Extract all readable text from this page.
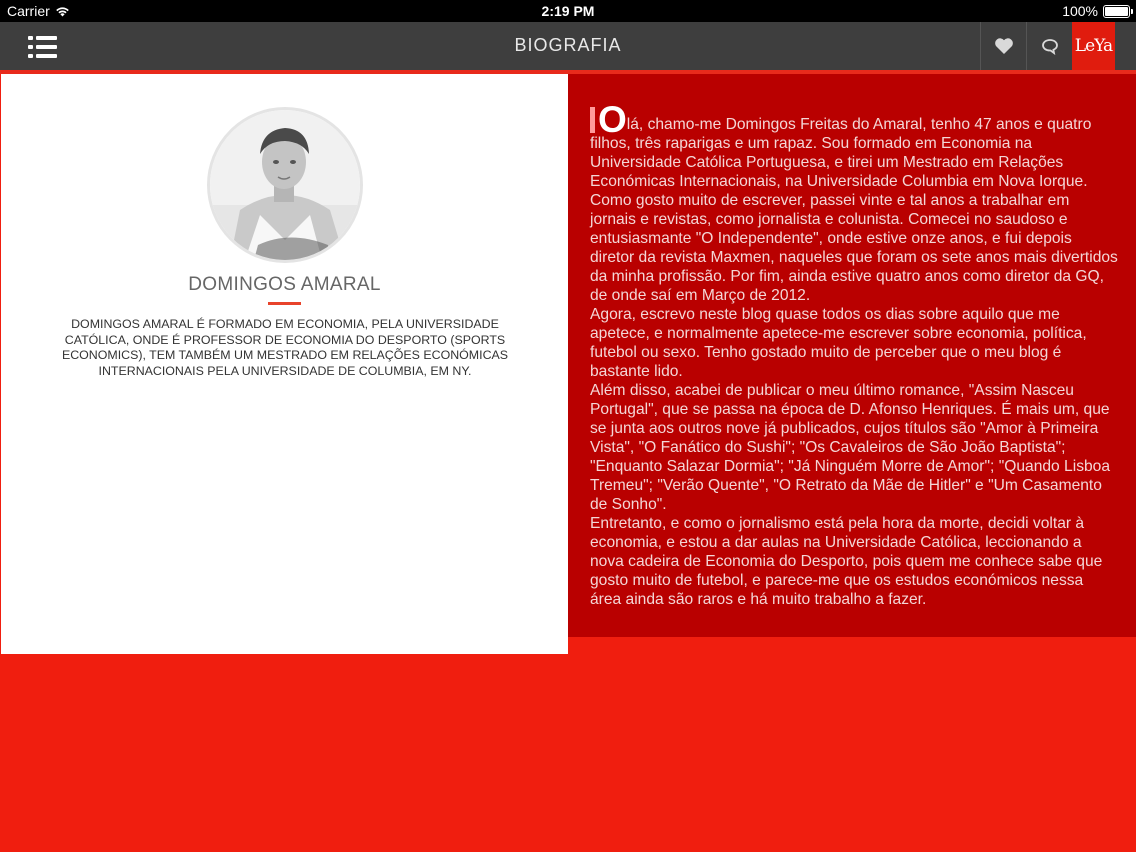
Carrier	2:19 PM	100%
BIOGRAFIA	LeYa
DOMINGOS AMARAL
DOMINGOS AMARAL É FORMADO EM ECONOMIA, PELA UNIVERSIDADE CATÓLICA, ONDE É PROFESSOR DE ECONOMIA DO DESPORTO (SPORTS ECONOMICS), TEM TAMBÉM UM MESTRADO EM RELAÇÕES ECONÓMICAS INTERNACIONAIS PELA UNIVERSIDADE DE COLUMBIA, EM NY.

Olá, chamo-me Domingos Freitas do Amaral, tenho 47 anos e quatro filhos, três raparigas e um rapaz. Sou formado em Economia na Universidade Católica Portuguesa, e tirei um Mestrado em Relações Económicas Internacionais, na Universidade Columbia em Nova Iorque. Como gosto muito de escrever, passei vinte e tal anos a trabalhar em jornais e revistas, como jornalista e colunista. Comecei no saudoso e entusiasmante "O Independente", onde estive onze anos, e fui depois diretor da revista Maxmen, naqueles que foram os sete anos mais divertidos da minha profissão. Por fim, ainda estive quatro anos como diretor da GQ, de onde saí em Março de 2012.

Agora, escrevo neste blog quase todos os dias sobre aquilo que me apetece, e normalmente apetece-me escrever sobre economia, política, futebol ou sexo. Tenho gostado muito de perceber que o meu blog é bastante lido.

Além disso, acabei de publicar o meu último romance, "Assim Nasceu Portugal", que se passa na época de D. Afonso Henriques. É mais um, que se junta aos outros nove já publicados, cujos títulos são "Amor à Primeira Vista", "O Fanático do Sushi"; "Os Cavaleiros de São João Baptista"; "Enquanto Salazar Dormia"; "Já Ninguém Morre de Amor"; "Quando Lisboa Tremeu"; "Verão Quente", "O Retrato da Mãe de Hitler" e "Um Casamento de Sonho".

Entretanto, e como o jornalismo está pela hora da morte, decidi voltar à economia, e estou a dar aulas na Universidade Católica, leccionando a nova cadeira de Economia do Desporto, pois quem me conhece sabe que gosto muito de futebol, e parece-me que os estudos económicos nessa área ainda são raros e há muito trabalho a fazer.
